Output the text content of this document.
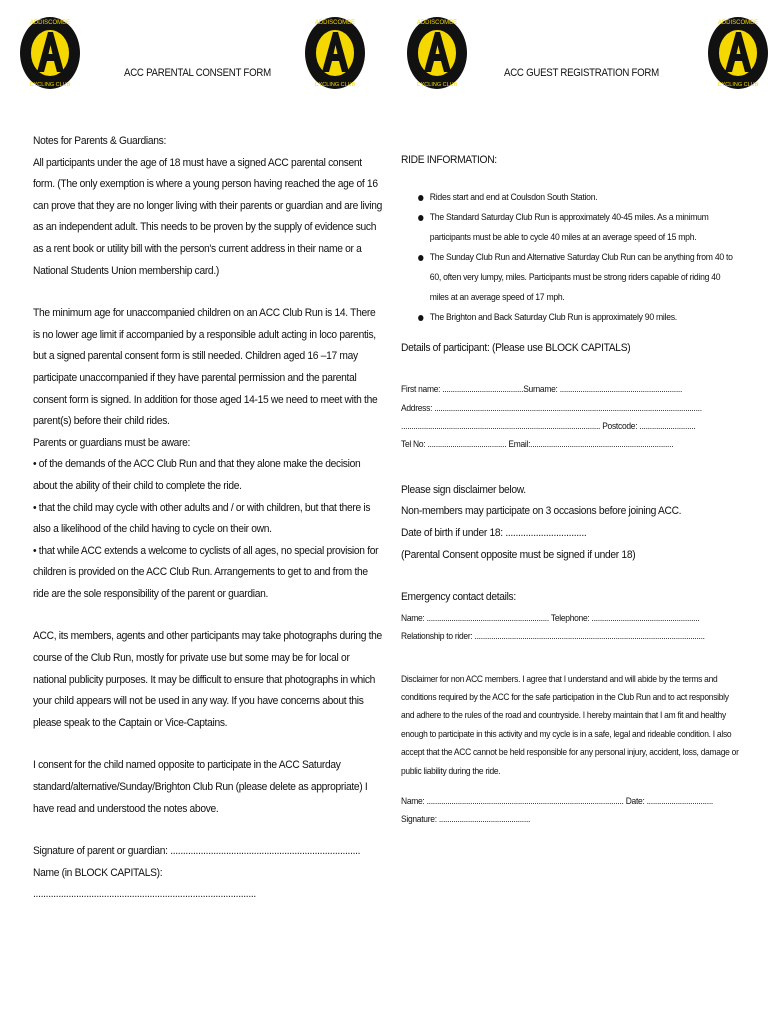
ADDISCOMBE
CYCLING CLUB
ADDISCOMBE
CYCLING CLUB
ADDISCOMBE
CYCLING CLUB
ADDISCOMBE
CYCLING CLUB
ACC PARENTAL CONSENT FORM	ACC GUEST REGISTRATION FORM

Notes for Parents & Guardians:

All participants under the age of 18 must have a signed ACC parental consent form. (The only exemption is where a young person having reached the age of 16 can prove that they are no longer living with their parents or guardian and are living as an independent adult. This needs to be proven by the supply of evidence such as a rent book or utility bill with the person's current address in their name or a National Students Union membership card.)

The minimum age for unaccompanied children on an ACC Club Run is 14. There is no lower age limit if accompanied by a responsible adult acting in loco parentis, but a signed parental consent form is still needed. Children aged 16 –17 may participate unaccompanied if they have parental permission and the parental consent form is signed. In addition for those aged 14-15 we need to meet with the parent(s) before their child rides.

Parents or guardians must be aware:

• of the demands of the ACC Club Run and that they alone make the decision about the ability of their child to complete the ride.

• that the child may cycle with other adults and / or with children, but that there is also a likelihood of the child having to cycle on their own.

• that while ACC extends a welcome to cyclists of all ages, no special provision for children is provided on the ACC Club Run. Arrangements to get to and from the ride are the sole responsibility of the parent or guardian.

ACC, its members, agents and other participants may take photographs during the course of the Club Run, mostly for private use but some may be for local or national publicity purposes. It may be difficult to ensure that photographs in which your child appears will not be used in any way. If you have concerns about this please speak to the Captain or Vice-Captains.

I consent for the child named opposite to participate in the ACC Saturday standard/alternative/Sunday/Brighton Club Run (please delete as appropriate) I have read and understood the notes above.

Signature of parent or guardian: ...........................................................................

Name (in BLOCK CAPITALS): ........................................................................................

RIDE INFORMATION:

Rides start and end at Coulsdon South Station.
The Standard Saturday Club Run is approximately 40-45 miles. As a minimum participants must be able to cycle 40 miles at an average speed of 15 mph.
The Sunday Club Run and Alternative Saturday Club Run can be anything from 40 to 60, often very lumpy, miles. Participants must be strong riders capable of riding 40 miles at an average speed of 17 mph.
The Brighton and Back Saturday Club Run is approximately 90 miles.

Details of participant: (Please use BLOCK CAPITALS)

First name: .......................................Surname: ...........................................................

Address: .................................................................................................................................

................................................................................................ Postcode: ...........................

Tel No: ...................................... Email:.....................................................................

Please sign disclaimer below.

Non-members may participate on 3 occasions before joining ACC.

Date of birth if under 18: ................................

(Parental Consent opposite must be signed if under 18)

Emergency contact details:

Name: ........................................................... Telephone: ....................................................

Relationship to rider: ...............................................................................................................

Disclaimer for non ACC members. I agree that I understand and will abide by the terms and conditions required by the ACC for the safe participation in the Club Run and to act responsibly and adhere to the rules of the road and countryside. I hereby maintain that I am fit and healthy enough to participate in this activity and my cycle is in a safe, legal and rideable condition. I also accept that the ACC cannot be held responsible for any personal injury, accident, loss, damage or public liability during the ride.

Name: ............................................................................................... Date: ................................

Signature: ............................................
